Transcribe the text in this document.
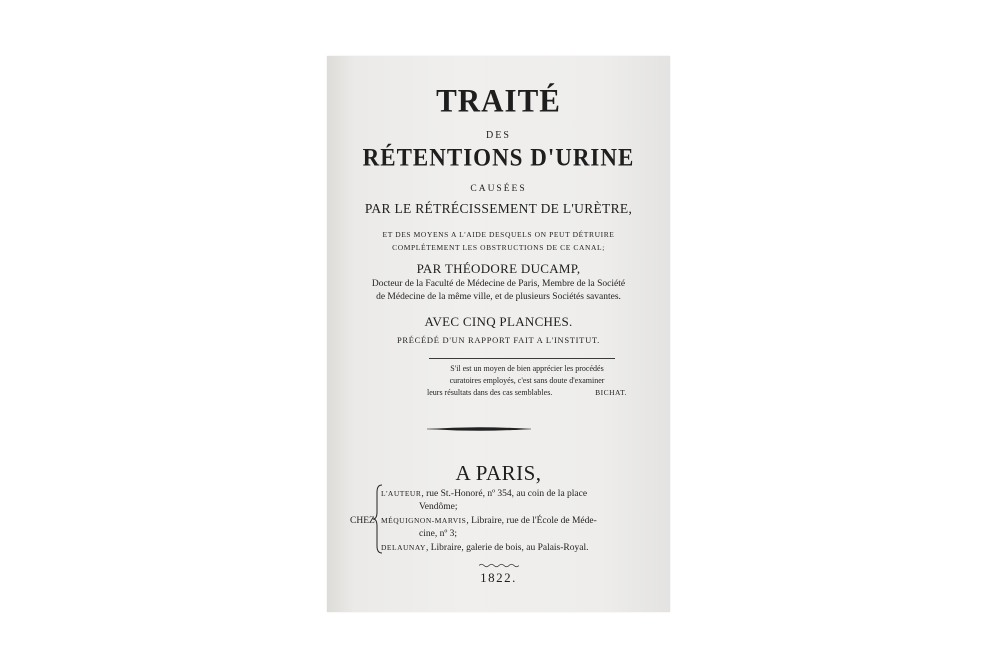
TRAITÉ
DES
RÉTENTIONS D'URINE
CAUSÉES
PAR LE RÉTRÉCISSEMENT DE L'URÈTRE,
ET DES MOYENS A L'AIDE DESQUELS ON PEUT DÉTRUIRE
COMPLÉTEMENT LES OBSTRUCTIONS DE CE CANAL;
PAR THÉODORE DUCAMP,
Docteur de la Faculté de Médecine de Paris, Membre de la Société
de Médecine de la même ville, et de plusieurs Sociétés savantes.
AVEC CINQ PLANCHES.
PRÉCÉDÉ D'UN RAPPORT FAIT A L'INSTITUT.
S'il est un moyen de bien apprécier les procédés
curatoires employés, c'est sans doute d'examiner
leurs résultats dans des cas semblables.	BICHAT.
A PARIS,
CHEZ
L'AUTEUR, rue St.-Honoré, nº 354, au coin de la place
Vendôme;
MÉQUIGNON-MARVIS, Libraire, rue de l'École de Méde-
cine, nº 3;
DELAUNAY, Libraire, galerie de bois, au Palais-Royal.
1822.
